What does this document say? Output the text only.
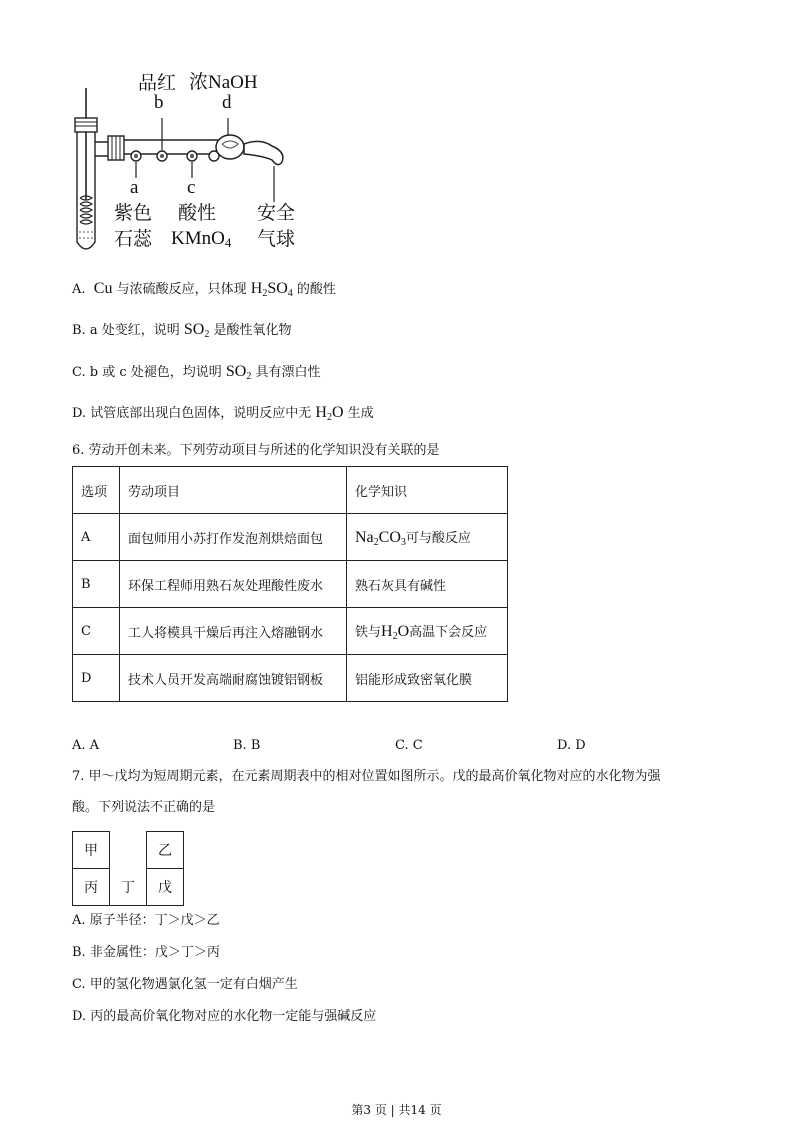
品红 浓NaOH
b	d
a	c
紫色
石蕊
酸性
KMnO$_4$
安全
气球
A. Cu 与浓硫酸反应，只体现 $H_2SO_4$ 的酸性
B. a 处变红，说明 $SO_2$ 是酸性氧化物
C. b 或 c 处褪色，均说明 $SO_2$ 具有漂白性
D. 试管底部出现白色固体，说明反应中无 $H_2O$ 生成
6. 劳动开创未来。下列劳动项目与所述的化学知识没有关联的是
选项	劳动项目	化学知识
A	面包师用小苏打作发泡剂烘焙面包	$Na_2CO_3$可与酸反应
B	环保工程师用熟石灰处理酸性废水	熟石灰具有碱性
C	工人将模具干燥后再注入熔融钢水	铁与$H_2O$高温下会反应
D	技术人员开发高端耐腐蚀镀铝钢板	铝能形成致密氧化膜
A. A	B. B	C. C	D. D
7. 甲～戊均为短周期元素，在元素周期表中的相对位置如图所示。戊的最高价氧化物对应的水化物为强
酸。下列说法不正确的是
甲		乙
丙	丁	戊
A. 原子半径：丁＞戊＞乙
B. 非金属性：戊＞丁＞丙
C. 甲的氢化物遇氯化氢一定有白烟产生
D. 丙的最高价氧化物对应的水化物一定能与强碱反应
第3 页 | 共14 页
